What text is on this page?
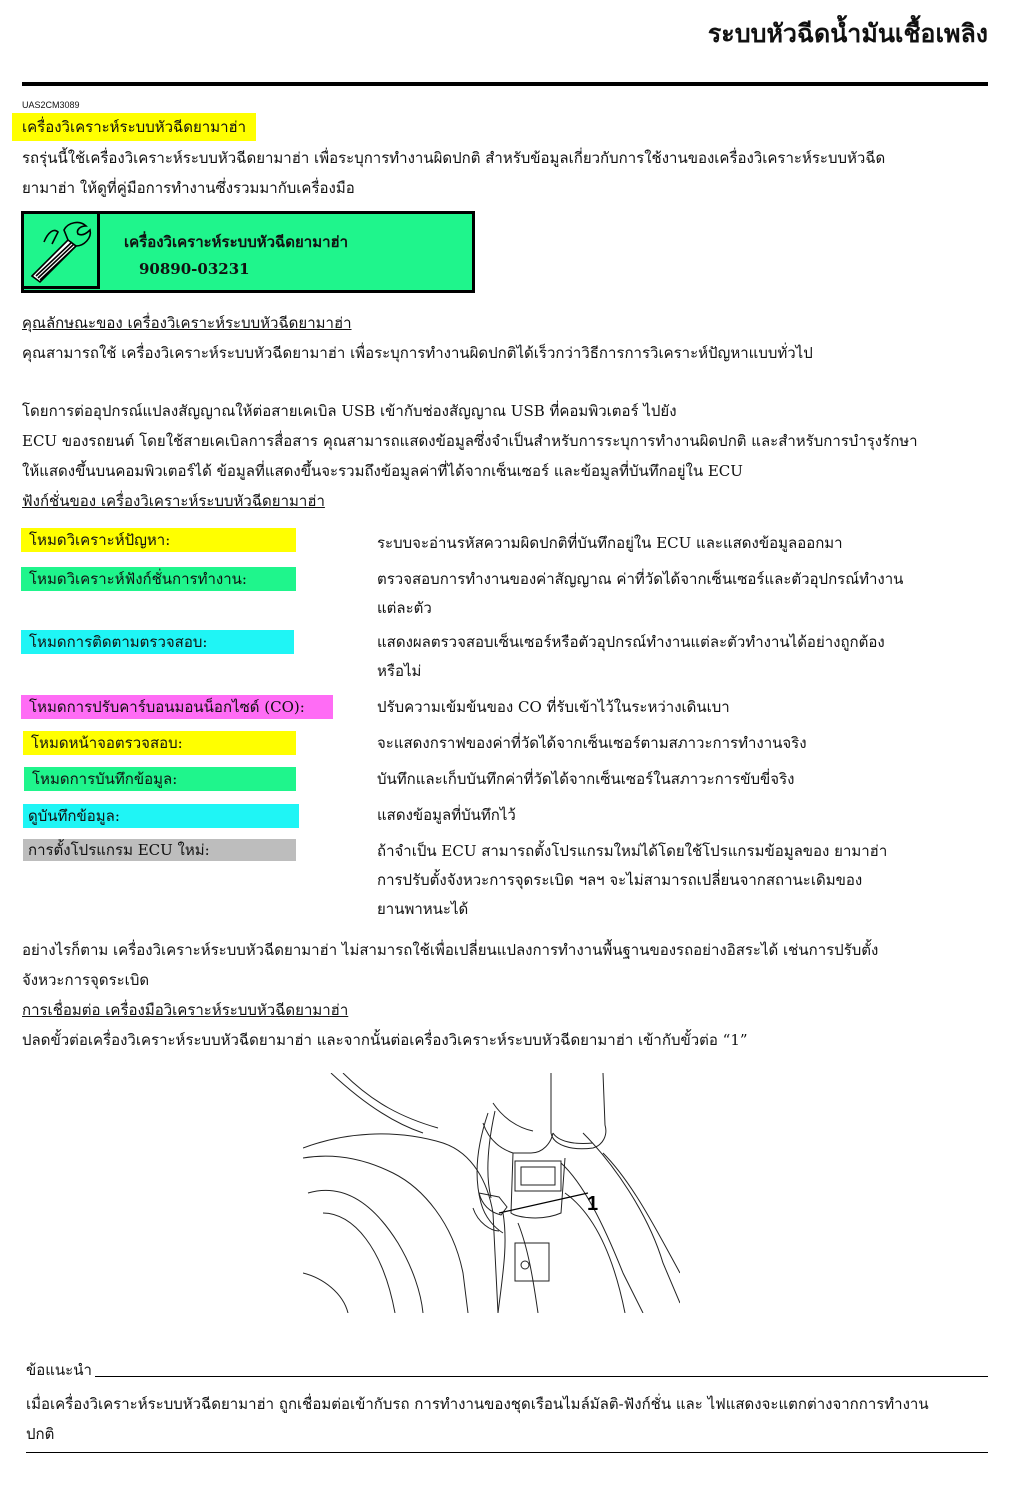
ระบบหัวฉีดน้ำมันเชื้อเพลิง
UAS2CM3089
เครื่องวิเคราะห์ระบบหัวฉีดยามาฮ่า
รถรุ่นนี้ใช้เครื่องวิเคราะห์ระบบหัวฉีดยามาฮ่า เพื่อระบุการทำงานผิดปกติ สำหรับข้อมูลเกี่ยวกับการใช้งานของเครื่องวิเคราะห์ระบบหัวฉีด
ยามาฮ่า ให้ดูที่คู่มือการทำงานซึ่งรวมมากับเครื่องมือ
เครื่องวิเคราะห์ระบบหัวฉีดยามาฮ่า
90890-03231
คุณลักษณะของ เครื่องวิเคราะห์ระบบหัวฉีดยามาฮ่า
คุณสามารถใช้ เครื่องวิเคราะห์ระบบหัวฉีดยามาฮ่า เพื่อระบุการทำงานผิดปกติได้เร็วกว่าวิธีการการวิเคราะห์ปัญหาแบบทั่วไป
โดยการต่ออุปกรณ์แปลงสัญญาณให้ต่อสายเคเบิล USB เข้ากับช่องสัญญาณ USB ที่คอมพิวเตอร์ ไปยัง
ECU ของรถยนต์ โดยใช้สายเคเบิลการสื่อสาร คุณสามารถแสดงข้อมูลซึ่งจำเป็นสำหรับการระบุการทำงานผิดปกติ และสำหรับการบำรุงรักษา
ให้แสดงขึ้นบนคอมพิวเตอร์ได้ ข้อมูลที่แสดงขึ้นจะรวมถึงข้อมูลค่าที่ได้จากเซ็นเซอร์ และข้อมูลที่บันทึกอยู่ใน ECU
ฟังก์ชั่นของ เครื่องวิเคราะห์ระบบหัวฉีดยามาฮ่า
โหมดวิเคราะห์ปัญหา:	ระบบจะอ่านรหัสความผิดปกติที่บันทึกอยู่ใน ECU และแสดงข้อมูลออกมา
โหมดวิเคราะห์ฟังก์ชั่นการทำงาน:	ตรวจสอบการทำงานของค่าสัญญาณ ค่าที่วัดได้จากเซ็นเซอร์และตัวอุปกรณ์ทำงาน
แต่ละตัว
โหมดการติดตามตรวจสอบ:	แสดงผลตรวจสอบเซ็นเซอร์หรือตัวอุปกรณ์ทำงานแต่ละตัวทำงานได้อย่างถูกต้อง
หรือไม่
โหมดการปรับคาร์บอนมอนน็อกไซด์ (CO):	ปรับความเข้มข้นของ CO ที่รับเข้าไว้ในระหว่างเดินเบา
โหมดหน้าจอตรวจสอบ:	จะแสดงกราฟของค่าที่วัดได้จากเซ็นเซอร์ตามสภาวะการทำงานจริง
โหมดการบันทึกข้อมูล:	บันทึกและเก็บบันทึกค่าที่วัดได้จากเซ็นเซอร์ในสภาวะการขับขี่จริง
ดูบันทึกข้อมูล:	แสดงข้อมูลที่บันทึกไว้
การตั้งโปรแกรม ECU ใหม่:	ถ้าจำเป็น ECU สามารถตั้งโปรแกรมใหม่ได้โดยใช้โปรแกรมข้อมูลของ ยามาฮ่า
การปรับตั้งจังหวะการจุดระเบิด ฯลฯ จะไม่สามารถเปลี่ยนจากสถานะเดิมของ
ยานพาหนะได้
อย่างไรก็ตาม เครื่องวิเคราะห์ระบบหัวฉีดยามาฮ่า ไม่สามารถใช้เพื่อเปลี่ยนแปลงการทำงานพื้นฐานของรถอย่างอิสระได้ เช่นการปรับตั้ง
จังหวะการจุดระเบิด
การเชื่อมต่อ เครื่องมือวิเคราะห์ระบบหัวฉีดยามาฮ่า
ปลดขั้วต่อเครื่องวิเคราะห์ระบบหัวฉีดยามาฮ่า และจากนั้นต่อเครื่องวิเคราะห์ระบบหัวฉีดยามาฮ่า เข้ากับขั้วต่อ “1”
1
ข้อแนะนำ
เมื่อเครื่องวิเคราะห์ระบบหัวฉีดยามาฮ่า ถูกเชื่อมต่อเข้ากับรถ การทำงานของชุดเรือนไมล์มัลติ-ฟังก์ชั่น และ ไฟแสดงจะแตกต่างจากการทำงาน
ปกติ
